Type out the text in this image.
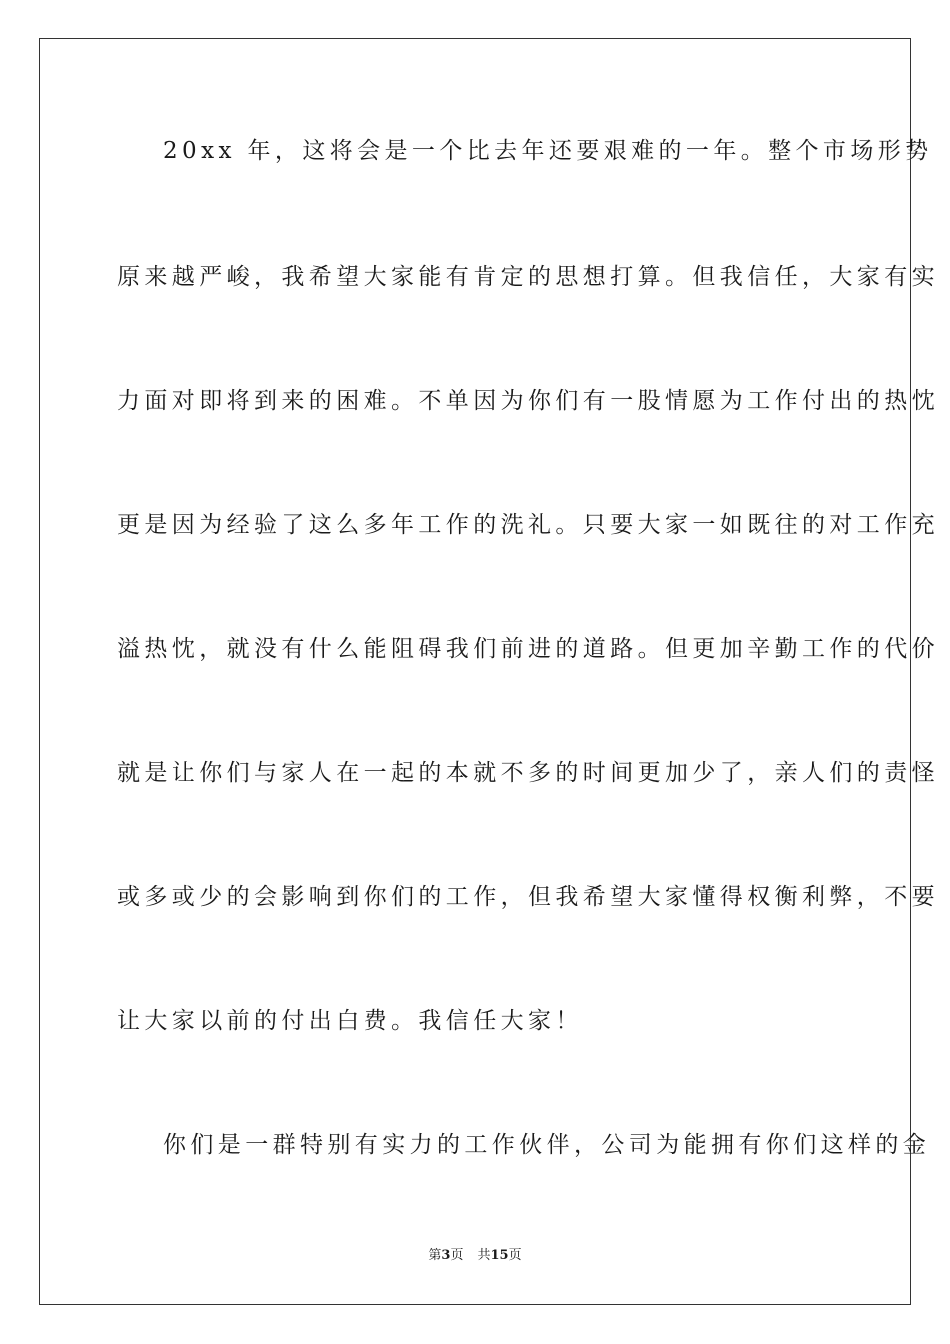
20xx 年，这将会是一个比去年还要艰难的一年。整个市场形势
原来越严峻，我希望大家能有肯定的思想打算。但我信任，大家有实
力面对即将到来的困难。不单因为你们有一股情愿为工作付出的热忱
更是因为经验了这么多年工作的洗礼。只要大家一如既往的对工作充
溢热忱，就没有什么能阻碍我们前进的道路。但更加辛勤工作的代价
就是让你们与家人在一起的本就不多的时间更加少了，亲人们的责怪
或多或少的会影响到你们的工作，但我希望大家懂得权衡利弊，不要
让大家以前的付出白费。我信任大家！
你们是一群特别有实力的工作伙伴，公司为能拥有你们这样的金
第3页 共15页
